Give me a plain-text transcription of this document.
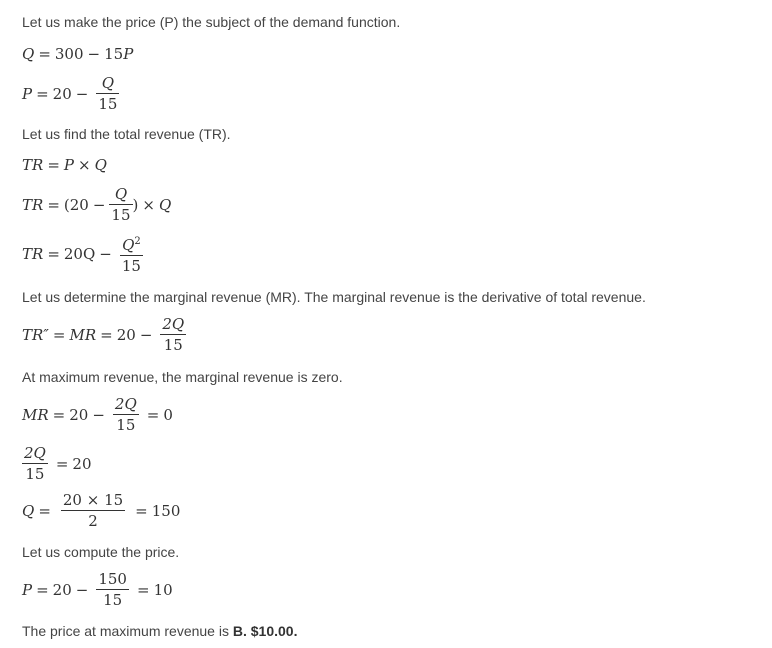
Let us make the price (P) the subject of the demand function.
Q = 300 − 15 P
$P = 20 - \frac{Q}{15}$
Let us find the total revenue (TR).
TR = P × Q
TR = ($20 - \frac{Q}{15}$ ) × Q
TR = $20Q - \frac{Q^2}{15}$
Let us determine the marginal revenue (MR). The marginal revenue is the derivative of total revenue.
TR″ = MR = $20 - \frac{2Q}{15}$
At maximum revenue, the marginal revenue is zero.
MR = $20 - \frac{2Q}{15} = 0$
$\frac{2Q}{15} = 20$
$Q = \frac{20 \times 15}{2} = 150$
Let us compute the price.
$P = 20 - \frac{150}{15} = 10$
The price at maximum revenue is B. $10.00.
